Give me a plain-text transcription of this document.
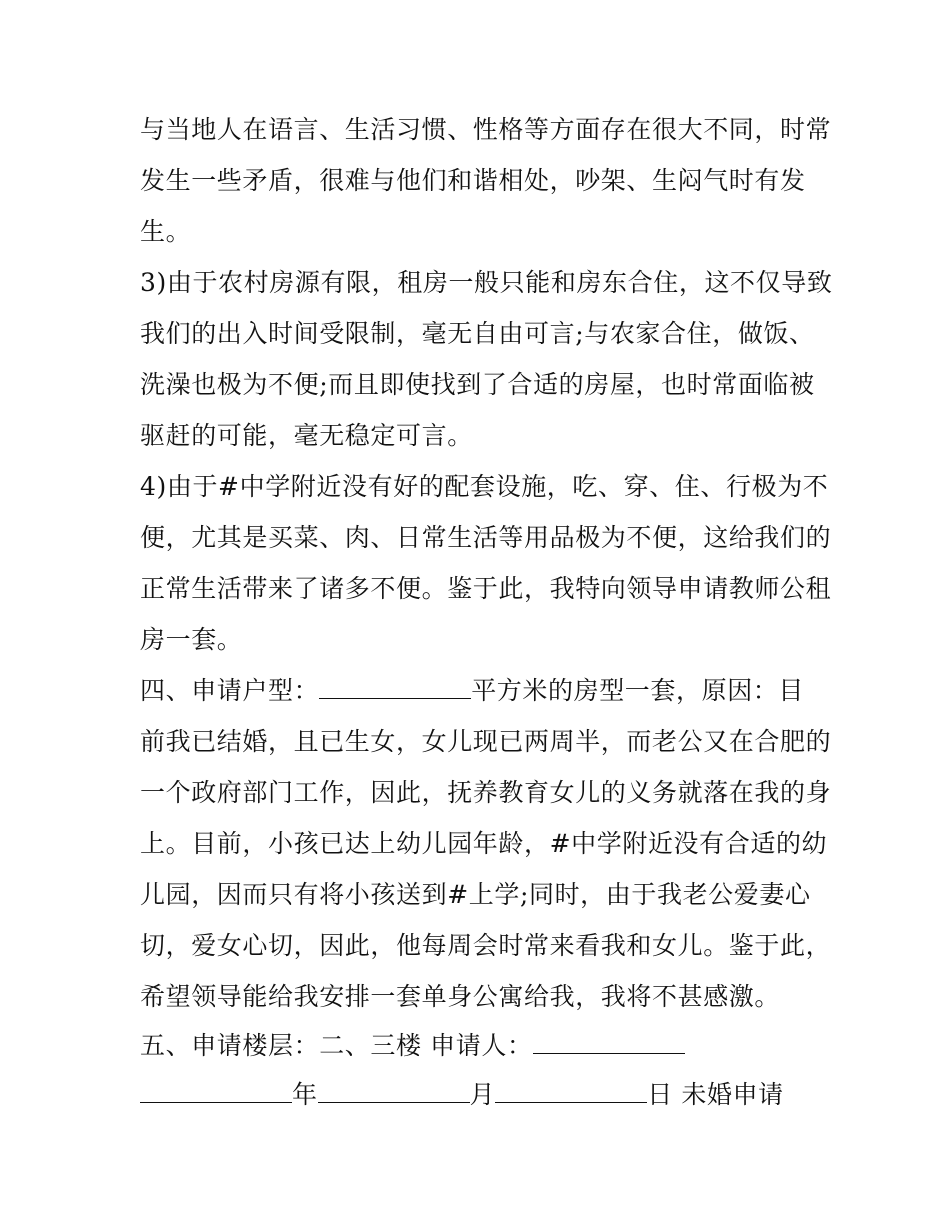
与当地人在语言、生活习惯、性格等方面存在很大不同，时常
发生一些矛盾，很难与他们和谐相处，吵架、生闷气时有发
生。
3)由于农村房源有限，租房一般只能和房东合住，这不仅导致
我们的出入时间受限制，毫无自由可言;与农家合住，做饭、
洗澡也极为不便;而且即使找到了合适的房屋，也时常面临被
驱赶的可能，毫无稳定可言。
4)由于#中学附近没有好的配套设施，吃、穿、住、行极为不
便，尤其是买菜、肉、日常生活等用品极为不便，这给我们的
正常生活带来了诸多不便。鉴于此，我特向领导申请教师公租
房一套。
四、申请户型：	平方米的房型一套，原因：目
前我已结婚，且已生女，女儿现已两周半，而老公又在合肥的
一个政府部门工作，因此，抚养教育女儿的义务就落在我的身
上。目前，小孩已达上幼儿园年龄，#中学附近没有合适的幼
儿园，因而只有将小孩送到#上学;同时，由于我老公爱妻心
切，爱女心切，因此，他每周会时常来看我和女儿。鉴于此，
希望领导能给我安排一套单身公寓给我，我将不甚感激。
五、申请楼层：二、三楼 申请人：
年	月	日 未婚申请
